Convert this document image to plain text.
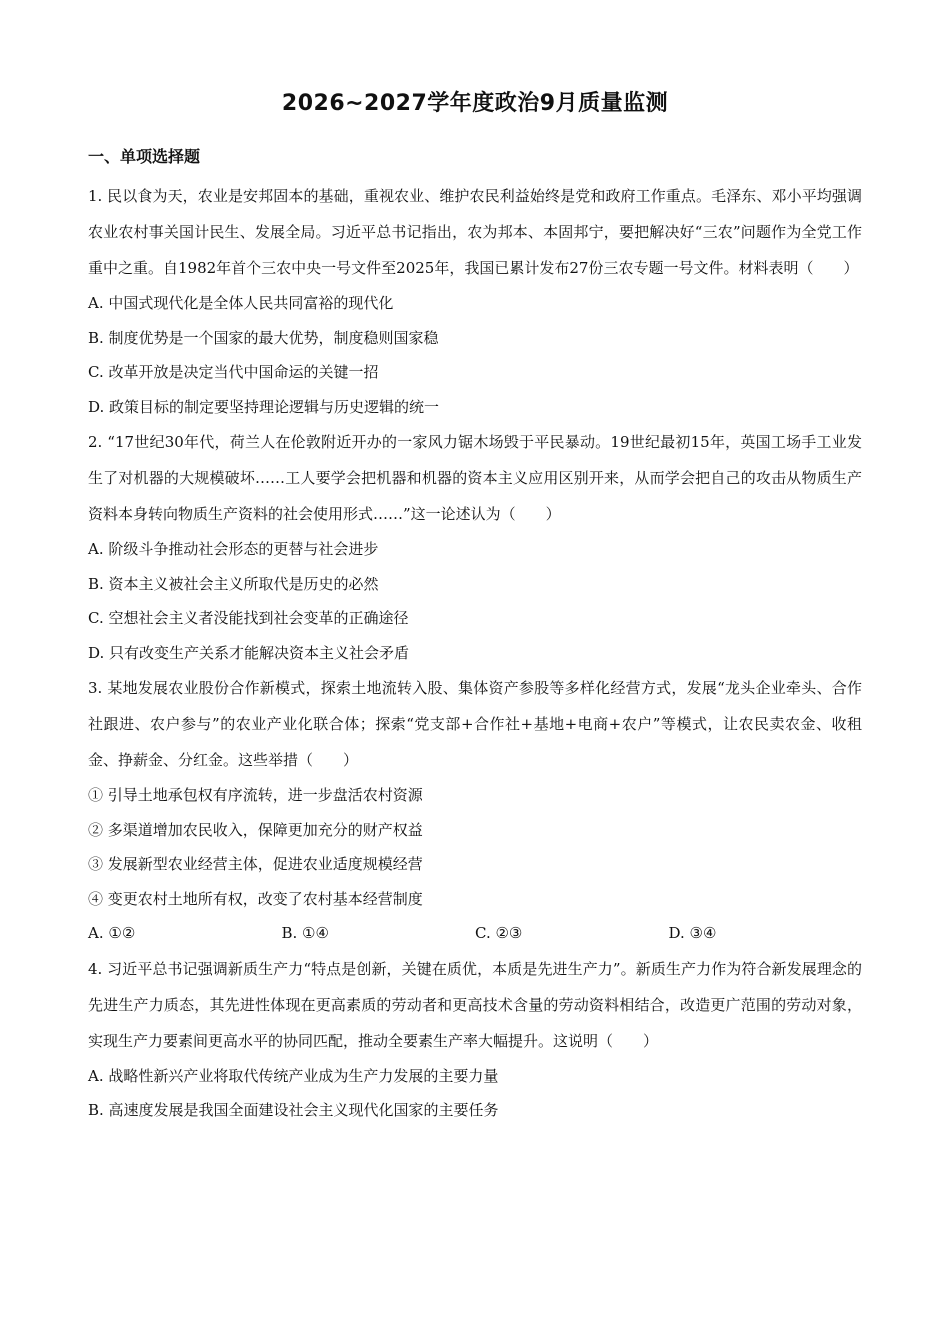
2026~2027学年度政治9月质量监测
一、单项选择题

1. 民以食为天，农业是安邦固本的基础，重视农业、维护农民利益始终是党和政府工作重点。毛泽东、邓小平均强调农业农村事关国计民生、发展全局。习近平总书记指出，农为邦本、本固邦宁，要把解决好“三农”问题作为全党工作重中之重。自1982年首个三农中央一号文件至2025年，我国已累计发布27份三农专题一号文件。材料表明（　　）

A. 中国式现代化是全体人民共同富裕的现代化

B. 制度优势是一个国家的最大优势，制度稳则国家稳

C. 改革开放是决定当代中国命运的关键一招

D. 政策目标的制定要坚持理论逻辑与历史逻辑的统一

2. “17世纪30年代，荷兰人在伦敦附近开办的一家风力锯木场毁于平民暴动。19世纪最初15年，英国工场手工业发生了对机器的大规模破坏……工人要学会把机器和机器的资本主义应用区别开来，从而学会把自己的攻击从物质生产资料本身转向物质生产资料的社会使用形式……”这一论述认为（　　）

A. 阶级斗争推动社会形态的更替与社会进步

B. 资本主义被社会主义所取代是历史的必然

C. 空想社会主义者没能找到社会变革的正确途径

D. 只有改变生产关系才能解决资本主义社会矛盾

3. 某地发展农业股份合作新模式，探索土地流转入股、集体资产参股等多样化经营方式，发展“龙头企业牵头、合作社跟进、农户参与”的农业产业化联合体；探索“党支部+合作社+基地+电商+农户”等模式，让农民卖农金、收租金、挣薪金、分红金。这些举措（　　）

① 引导土地承包权有序流转，进一步盘活农村资源

② 多渠道增加农民收入，保障更加充分的财产权益

③ 发展新型农业经营主体，促进农业适度规模经营

④ 变更农村土地所有权，改变了农村基本经营制度

A. ①②	B. ①④	C. ②③	D. ③④

4. 习近平总书记强调新质生产力“特点是创新，关键在质优，本质是先进生产力”。新质生产力作为符合新发展理念的先进生产力质态，其先进性体现在更高素质的劳动者和更高技术含量的劳动资料相结合，改造更广范围的劳动对象，实现生产力要素间更高水平的协同匹配，推动全要素生产率大幅提升。这说明（　　）

A. 战略性新兴产业将取代传统产业成为生产力发展的主要力量

B. 高速度发展是我国全面建设社会主义现代化国家的主要任务
